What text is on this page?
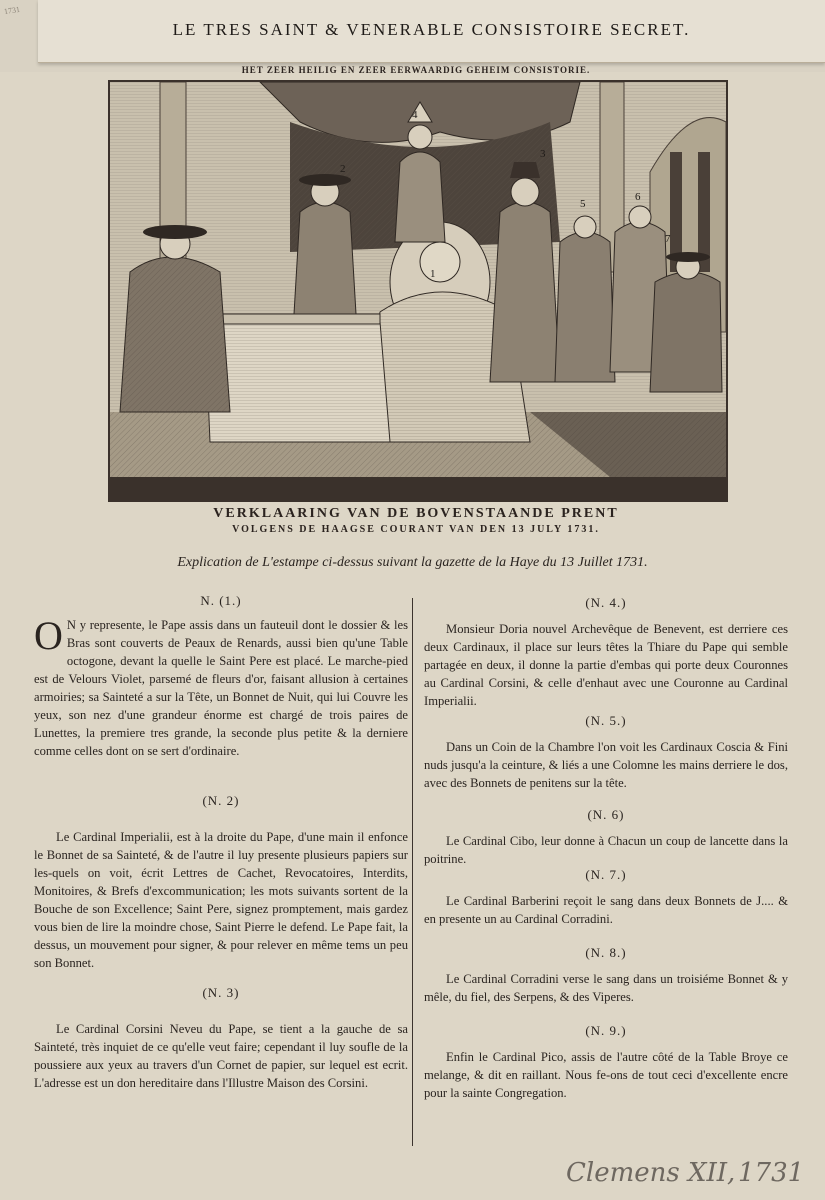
1731
LE TRES SAINT & VENERABLE CONSISTOIRE SECRET.
HET ZEER HEILIG EN ZEER EERWAARDIG GEHEIM CONSISTORIE.
4
1
2
3
5
6
7
VERKLAARING VAN DE BOVENSTAANDE PRENT
VOLGENS DE HAAGSE COURANT VAN DEN 13 JULY 1731.
Explication de L'estampe ci-dessus suivant la gazette de la Haye du 13 Juillet 1731.
N. (1.)
O N y represente, le Pape assis dans un fauteuil dont le dossier & les Bras sont couverts de Peaux de Renards, aussi bien qu'une Table octogone, devant la quelle le Saint Pere est placé. Le marche-pied est de Velours Violet, parsemé de fleurs d'or, faisant allusion à certaines armoiries; sa Sainteté a sur la Tête, un Bonnet de Nuit, qui lui Couvre les yeux, son nez d'une grandeur énorme est chargé de trois paires de Lunettes, la premiere tres grande, la seconde plus petite & la derniere comme celles dont on se sert d'ordinaire.
(N. 2)
Le Cardinal Imperialii, est à la droite du Pape, d'une main il enfonce le Bonnet de sa Sainteté, & de l'autre il luy presente plusieurs papiers sur les-quels on voit, écrit Lettres de Cachet, Revocatoires, Interdits, Monitoires, & Brefs d'excommunication; les mots suivants sortent de la Bouche de son Excellence; Saint Pere, signez promptement, mais gardez vous bien de lire la moindre chose, Saint Pierre le defend. Le Pape fait, la dessus, un mouvement pour signer, & pour relever en même tems un peu son Bonnet.
(N. 3)
Le Cardinal Corsini Neveu du Pape, se tient a la gauche de sa Sainteté, très inquiet de ce qu'elle veut faire; cependant il luy soufle de la poussiere aux yeux au travers d'un Cornet de papier, sur lequel est ecrit. L'adresse est un don hereditaire dans l'Illustre Maison des Corsini.
(N. 4.)
Monsieur Doria nouvel Archevêque de Benevent, est derriere ces deux Cardinaux, il place sur leurs têtes la Thiare du Pape qui semble partagée en deux, il donne la partie d'embas qui porte deux Couronnes au Cardinal Corsini, & celle d'enhaut avec une Couronne au Cardinal Imperialii.
(N. 5.)
Dans un Coin de la Chambre l'on voit les Cardinaux Coscia & Fini nuds jusqu'a la ceinture, & liés a une Colomne les mains derriere le dos, avec des Bonnets de penitens sur la tête.
(N. 6)
Le Cardinal Cibo, leur donne à Chacun un coup de lancette dans la poitrine.
(N. 7.)
Le Cardinal Barberini reçoit le sang dans deux Bonnets de J.... & en presente un au Cardinal Corradini.
(N. 8.)
Le Cardinal Corradini verse le sang dans un troisiéme Bonnet & y mêle, du fiel, des Serpens, & des Viperes.
(N. 9.)
Enfin le Cardinal Pico, assis de l'autre côté de la Table Broye ce melange, & dit en raillant. Nous fe-ons de tout ceci d'excellente encre pour la sainte Congregation.
Clemens XII, 1731
